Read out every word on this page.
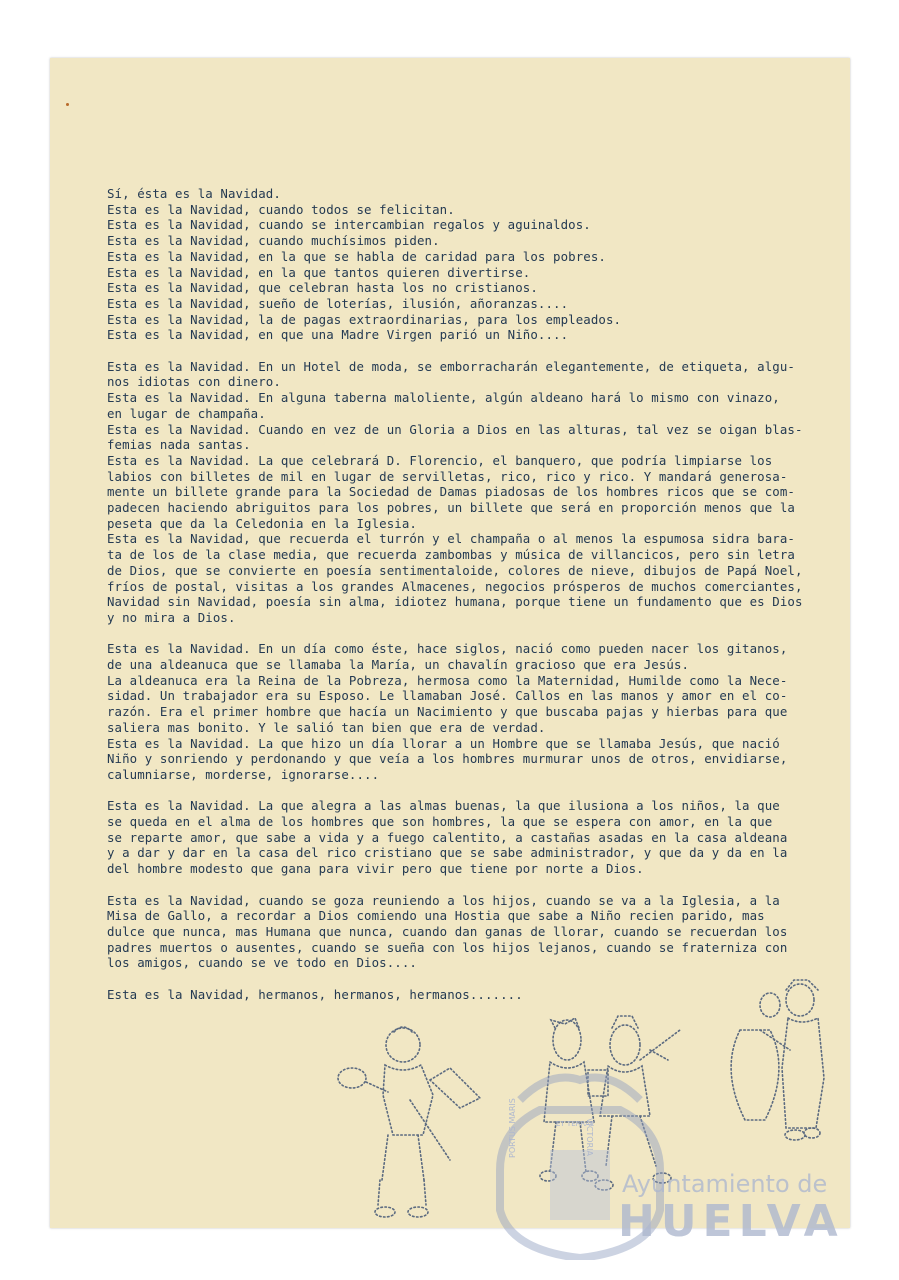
Sí, ésta es la Navidad.
Esta es la Navidad, cuando todos se felicitan.
Esta es la Navidad, cuando se intercambian regalos y aguinaldos.
Esta es la Navidad, cuando muchísimos piden.
Esta es la Navidad, en la que se habla de caridad para los pobres.
Esta es la Navidad, en la que tantos quieren divertirse.
Esta es la Navidad, que celebran hasta los no cristianos.
Esta es la Navidad, sueño de loterías, ilusión, añoranzas....
Esta es la Navidad, la de pagas extraordinarias, para los empleados.
Esta es la Navidad, en que una Madre Virgen parió un Niño....

Esta es la Navidad. En un Hotel de moda, se emborracharán elegantemente, de etiqueta, algu-
nos idiotas con dinero.
Esta es la Navidad. En alguna taberna maloliente, algún aldeano hará lo mismo con vinazo,
en lugar de champaña.
Esta es la Navidad. Cuando en vez de un Gloria a Dios en las alturas, tal vez se oigan blas-
femias nada santas.
Esta es la Navidad. La que celebrará D. Florencio, el banquero, que podría limpiarse los
labios con billetes de mil en lugar de servilletas, rico, rico y rico. Y mandará generosa-
mente un billete grande para la Sociedad de Damas piadosas de los hombres ricos que se com-
padecen haciendo abriguitos para los pobres, un billete que será en proporción menos que la
peseta que da la Celedonia en la Iglesia.
Esta es la Navidad, que recuerda el turrón y el champaña o al menos la espumosa sidra bara-
ta de los de la clase media, que recuerda zambombas y música de villancicos, pero sin letra
de Dios, que se convierte en poesía sentimentaloide, colores de nieve, dibujos de Papá Noel,
fríos de postal, visitas a los grandes Almacenes, negocios prósperos de muchos comerciantes,
Navidad sin Navidad, poesía sin alma, idiotez humana, porque tiene un fundamento que es Dios
y no mira a Dios.

Esta es la Navidad. En un día como éste, hace siglos, nació como pueden nacer los gitanos,
de una aldeanuca que se llamaba la María, un chavalín gracioso que era Jesús.
La aldeanuca era la Reina de la Pobreza, hermosa como la Maternidad, Humilde como la Nece-
sidad. Un trabajador era su Esposo. Le llamaban José. Callos en las manos y amor en el co-
razón. Era el primer hombre que hacía un Nacimiento y que buscaba pajas y hierbas para que
saliera mas bonito. Y le salió tan bien que era de verdad.
Esta es la Navidad. La que hizo un día llorar a un Hombre que se llamaba Jesús, que nació
Niño y sonriendo y perdonando y que veía a los hombres murmurar unos de otros, envidiarse,
calumniarse, morderse, ignorarse....

Esta es la Navidad. La que alegra a las almas buenas, la que ilusiona a los niños, la que
se queda en el alma de los hombres que son hombres, la que se espera con amor, en la que
se reparte amor, que sabe a vida y a fuego calentito, a castañas asadas en la casa aldeana
y a dar y dar en la casa del rico cristiano que se sabe administrador, y que da y da en la
del hombre modesto que gana para vivir pero que tiene por norte a Dios.

Esta es la Navidad, cuando se goza reuniendo a los hijos, cuando se va a la Iglesia, a la
Misa de Gallo, a recordar a Dios comiendo una Hostia que sabe a Niño recien parido, mas
dulce que nunca, mas Humana que nunca, cuando dan ganas de llorar, cuando se recuerdan los
padres muertos o ausentes, cuando se sueña con los hijos lejanos, cuando se fraterniza con
los amigos, cuando se ve todo en Dios....

Esta es la Navidad, hermanos, hermanos, hermanos.......

Ayuntamiento de
HUELVA
PORTUS MARIS	VICTORIA
ET TERRAE
